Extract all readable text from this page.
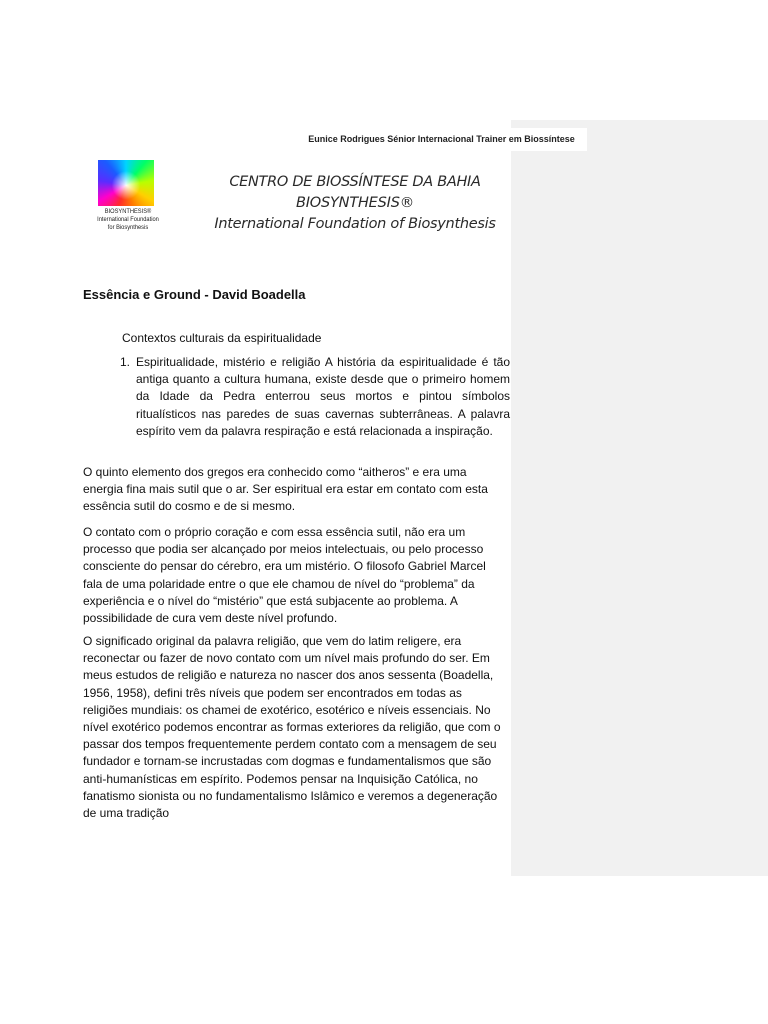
Eunice Rodrigues Sénior Internacional Trainer em Biossíntese
BIOSYNTHESIS®
International Foundation
for Biosynthesis
CENTRO DE BIOSSÍNTESE DA BAHIA
BIOSYNTHESIS®
International Foundation of Biosynthesis
Essência e Ground - David Boadella
Contextos culturais da espiritualidade
1. Espiritualidade, mistério e religião A história da espiritualidade é tão antiga quanto a cultura humana, existe desde que o primeiro homem da Idade da Pedra enterrou seus mortos e pintou símbolos ritualísticos nas paredes de suas cavernas subterrâneas. A palavra espírito vem da palavra respiração e está relacionada a inspiração.

O quinto elemento dos gregos era conhecido como “aitheros” e era uma energia fina mais sutil que o ar. Ser espiritual era estar em contato com esta essência sutil do cosmo e de si mesmo.

O contato com o próprio coração e com essa essência sutil, não era um processo que podia ser alcançado por meios intelectuais, ou pelo processo consciente do pensar do cérebro, era um mistério. O filosofo Gabriel Marcel fala de uma polaridade entre o que ele chamou de nível do “problema” da experiência e o nível do “mistério” que está subjacente ao problema. A possibilidade de cura vem deste nível profundo.

O significado original da palavra religião, que vem do latim religere, era reconectar ou fazer de novo contato com um nível mais profundo do ser. Em meus estudos de religião e natureza no nascer dos anos sessenta (Boadella, 1956, 1958), defini três níveis que podem ser encontrados em todas as religiões mundiais: os chamei de exotérico, esotérico e níveis essenciais. No nível exotérico podemos encontrar as formas exteriores da religião, que com o passar dos tempos frequentemente perdem contato com a mensagem de seu fundador e tornam-se incrustadas com dogmas e fundamentalismos que são anti-humanísticas em espírito. Podemos pensar na Inquisição Católica, no fanatismo sionista ou no fundamentalismo Islâmico e veremos a degeneração de uma tradição
